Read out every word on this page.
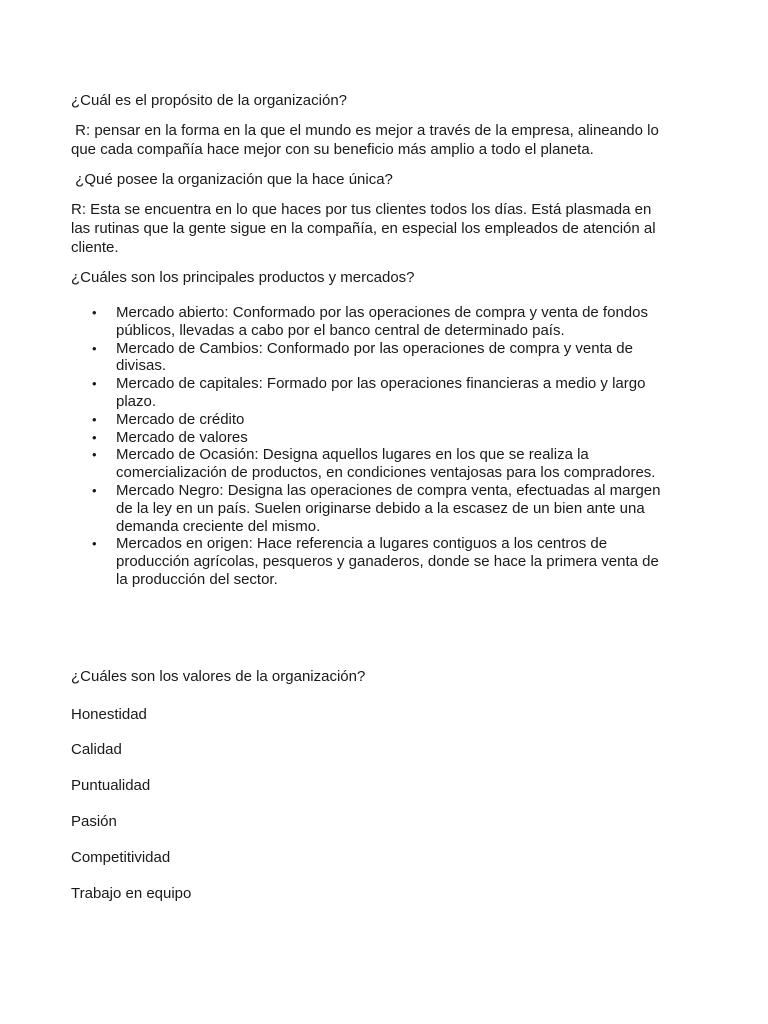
¿Cuál es el propósito de la organización?

R: pensar en la forma en la que el mundo es mejor a través de la empresa, alineando lo que cada compañía hace mejor con su beneficio más amplio a todo el planeta.

¿Qué posee la organización que la hace única?

R: Esta se encuentra en lo que haces por tus clientes todos los días. Está plasmada en las rutinas que la gente sigue en la compañía, en especial los empleados de atención al cliente.

¿Cuáles son los principales productos y mercados?

• Mercado abierto: Conformado por las operaciones de compra y venta de fondos públicos, llevadas a cabo por el banco central de determinado país.
• Mercado de Cambios: Conformado por las operaciones de compra y venta de divisas.
• Mercado de capitales: Formado por las operaciones financieras a medio y largo plazo.
• Mercado de crédito
• Mercado de valores
• Mercado de Ocasión: Designa aquellos lugares en los que se realiza la comercialización de productos, en condiciones ventajosas para los compradores.
• Mercado Negro: Designa las operaciones de compra venta, efectuadas al margen de la ley en un país. Suelen originarse debido a la escasez de un bien ante una demanda creciente del mismo.
• Mercados en origen: Hace referencia a lugares contiguos a los centros de producción agrícolas, pesqueros y ganaderos, donde se hace la primera venta de la producción del sector.

¿Cuáles son los valores de la organización?

Honestidad

Calidad

Puntualidad

Pasión

Competitividad

Trabajo en equipo
